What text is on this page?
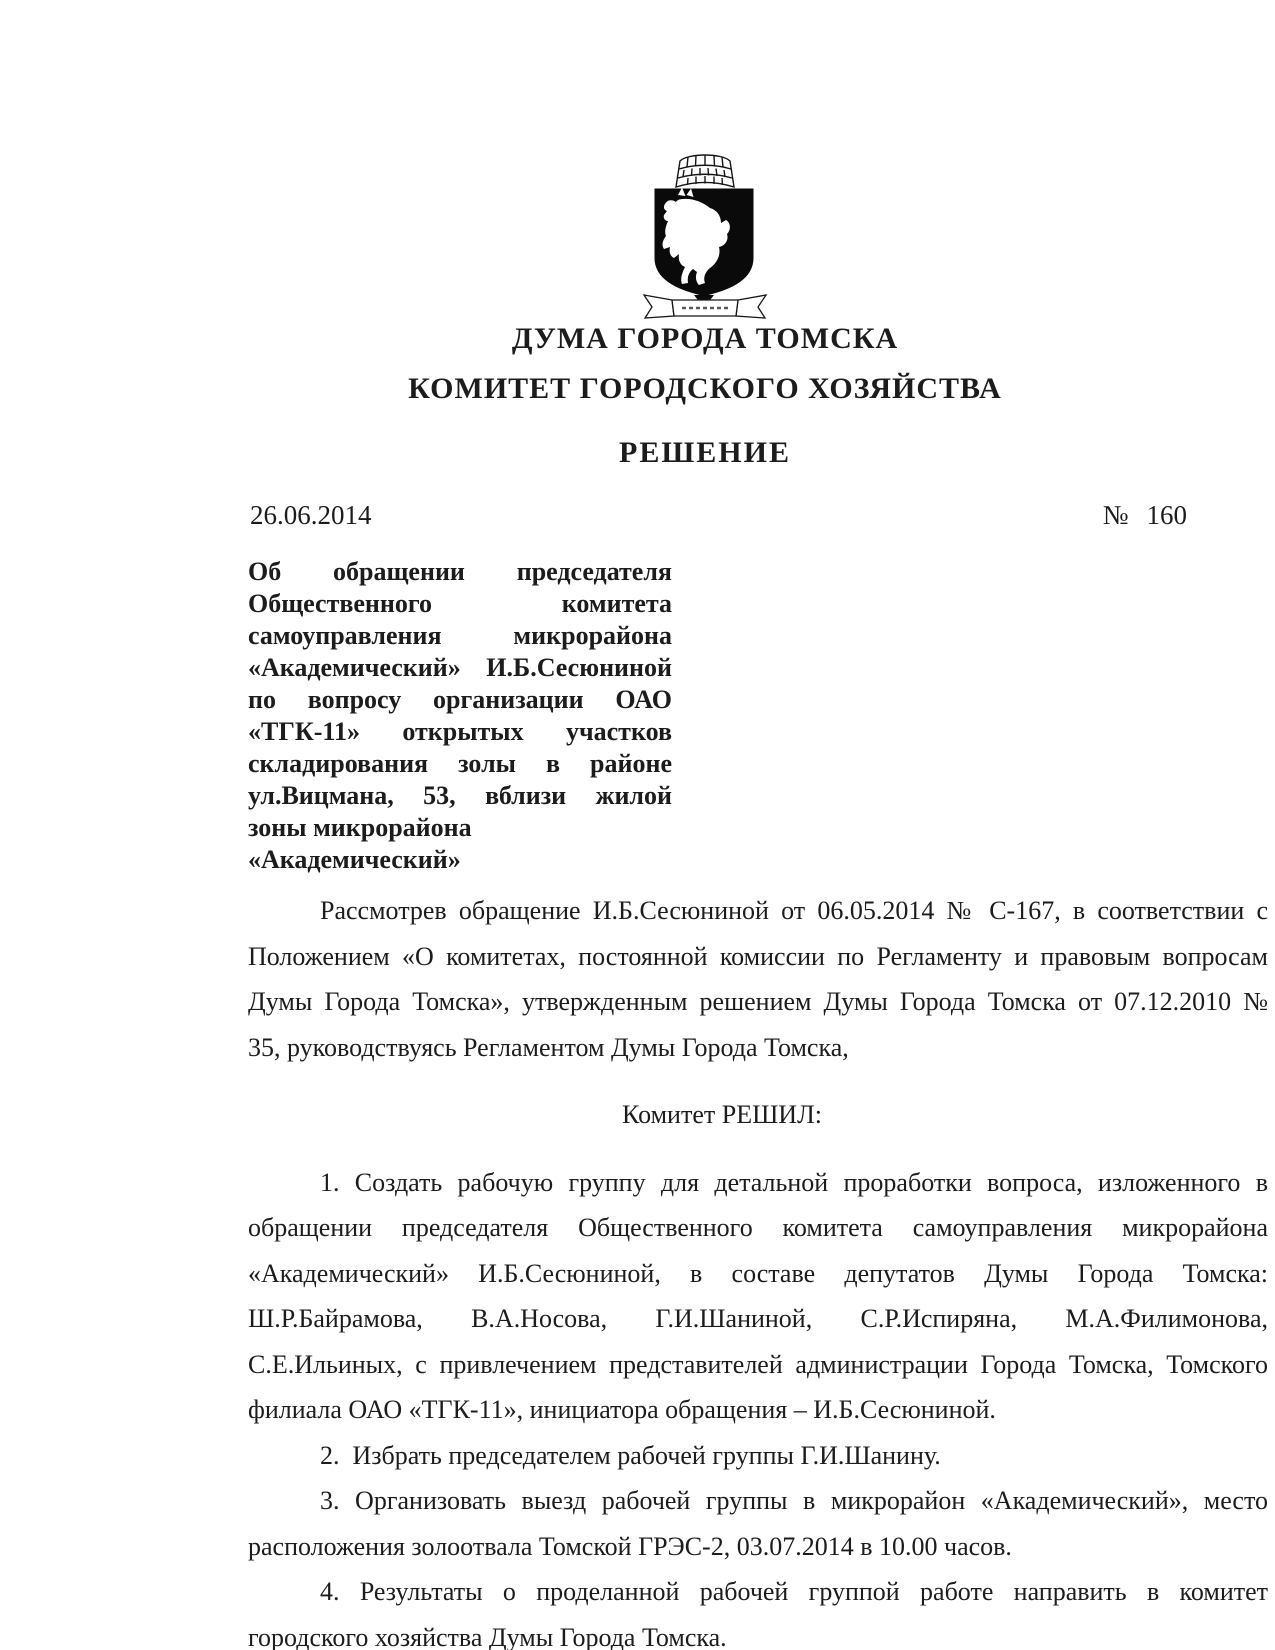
ДУМА ГОРОДА ТОМСКА
КОМИТЕТ ГОРОДСКОГО ХОЗЯЙСТВА
РЕШЕНИЕ
26.06.2014	№ 160
Об обращении председателя
Общественного комитета
самоуправления микрорайона
«Академический» И.Б.Сесюниной
по вопросу организации ОАО
«ТГК-11» открытых участков
складирования золы в районе
ул.Вицмана, 53, вблизи жилой
зоны микрорайона
«Академический»
Рассмотрев обращение И.Б.Сесюниной от 06.05.2014 № С-167, в соответствии с
Положением «О комитетах, постоянной комиссии по Регламенту и правовым вопросам
Думы Города Томска», утвержденным решением Думы Города Томска от 07.12.2010 №
35, руководствуясь Регламентом Думы Города Томска,
Комитет РЕШИЛ:
1. Создать рабочую группу для детальной проработки вопроса, изложенного в
обращении председателя Общественного комитета самоуправления микрорайона
«Академический» И.Б.Сесюниной, в составе депутатов Думы Города Томска:
Ш.Р.Байрамова, В.А.Носова, Г.И.Шаниной, С.Р.Испиряна, М.А.Филимонова,
С.Е.Ильиных, с привлечением представителей администрации Города Томска, Томского
филиала ОАО «ТГК-11», инициатора обращения – И.Б.Сесюниной.
2.  Избрать председателем рабочей группы Г.И.Шанину.
3. Организовать выезд рабочей группы в микрорайон «Академический», место
расположения золоотвала Томской ГРЭС-2, 03.07.2014 в 10.00 часов.
4. Результаты о проделанной рабочей группой работе направить в комитет
городского хозяйства Думы Города Томска.
